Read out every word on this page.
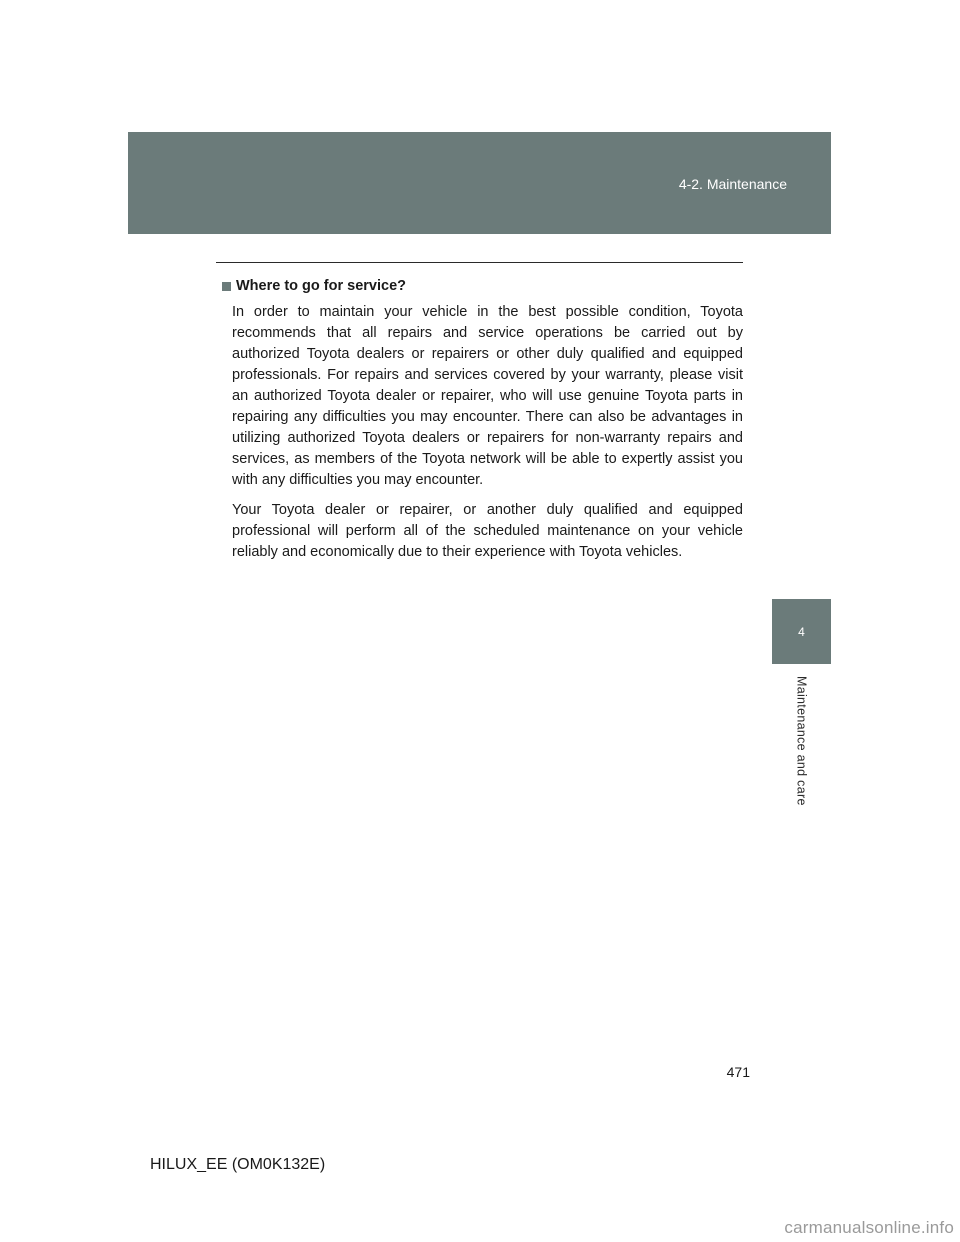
4-2. Maintenance
Where to go for service?

In order to maintain your vehicle in the best possible condition, Toyota recommends that all repairs and service operations be carried out by authorized Toyota dealers or repairers or other duly qualified and equipped professionals. For repairs and services covered by your warranty, please visit an authorized Toyota dealer or repairer, who will use genuine Toyota parts in repairing any difficulties you may encounter. There can also be advantages in utilizing authorized Toyota dealers or repairers for non-warranty repairs and services, as members of the Toyota network will be able to expertly assist you with any difficulties you may encounter.

Your Toyota dealer or repairer, or another duly qualified and equipped professional will perform all of the scheduled maintenance on your vehicle reliably and economically due to their experience with Toyota vehicles.

4
Maintenance and care
471
HILUX_EE (OM0K132E)
carmanualsonline.info
